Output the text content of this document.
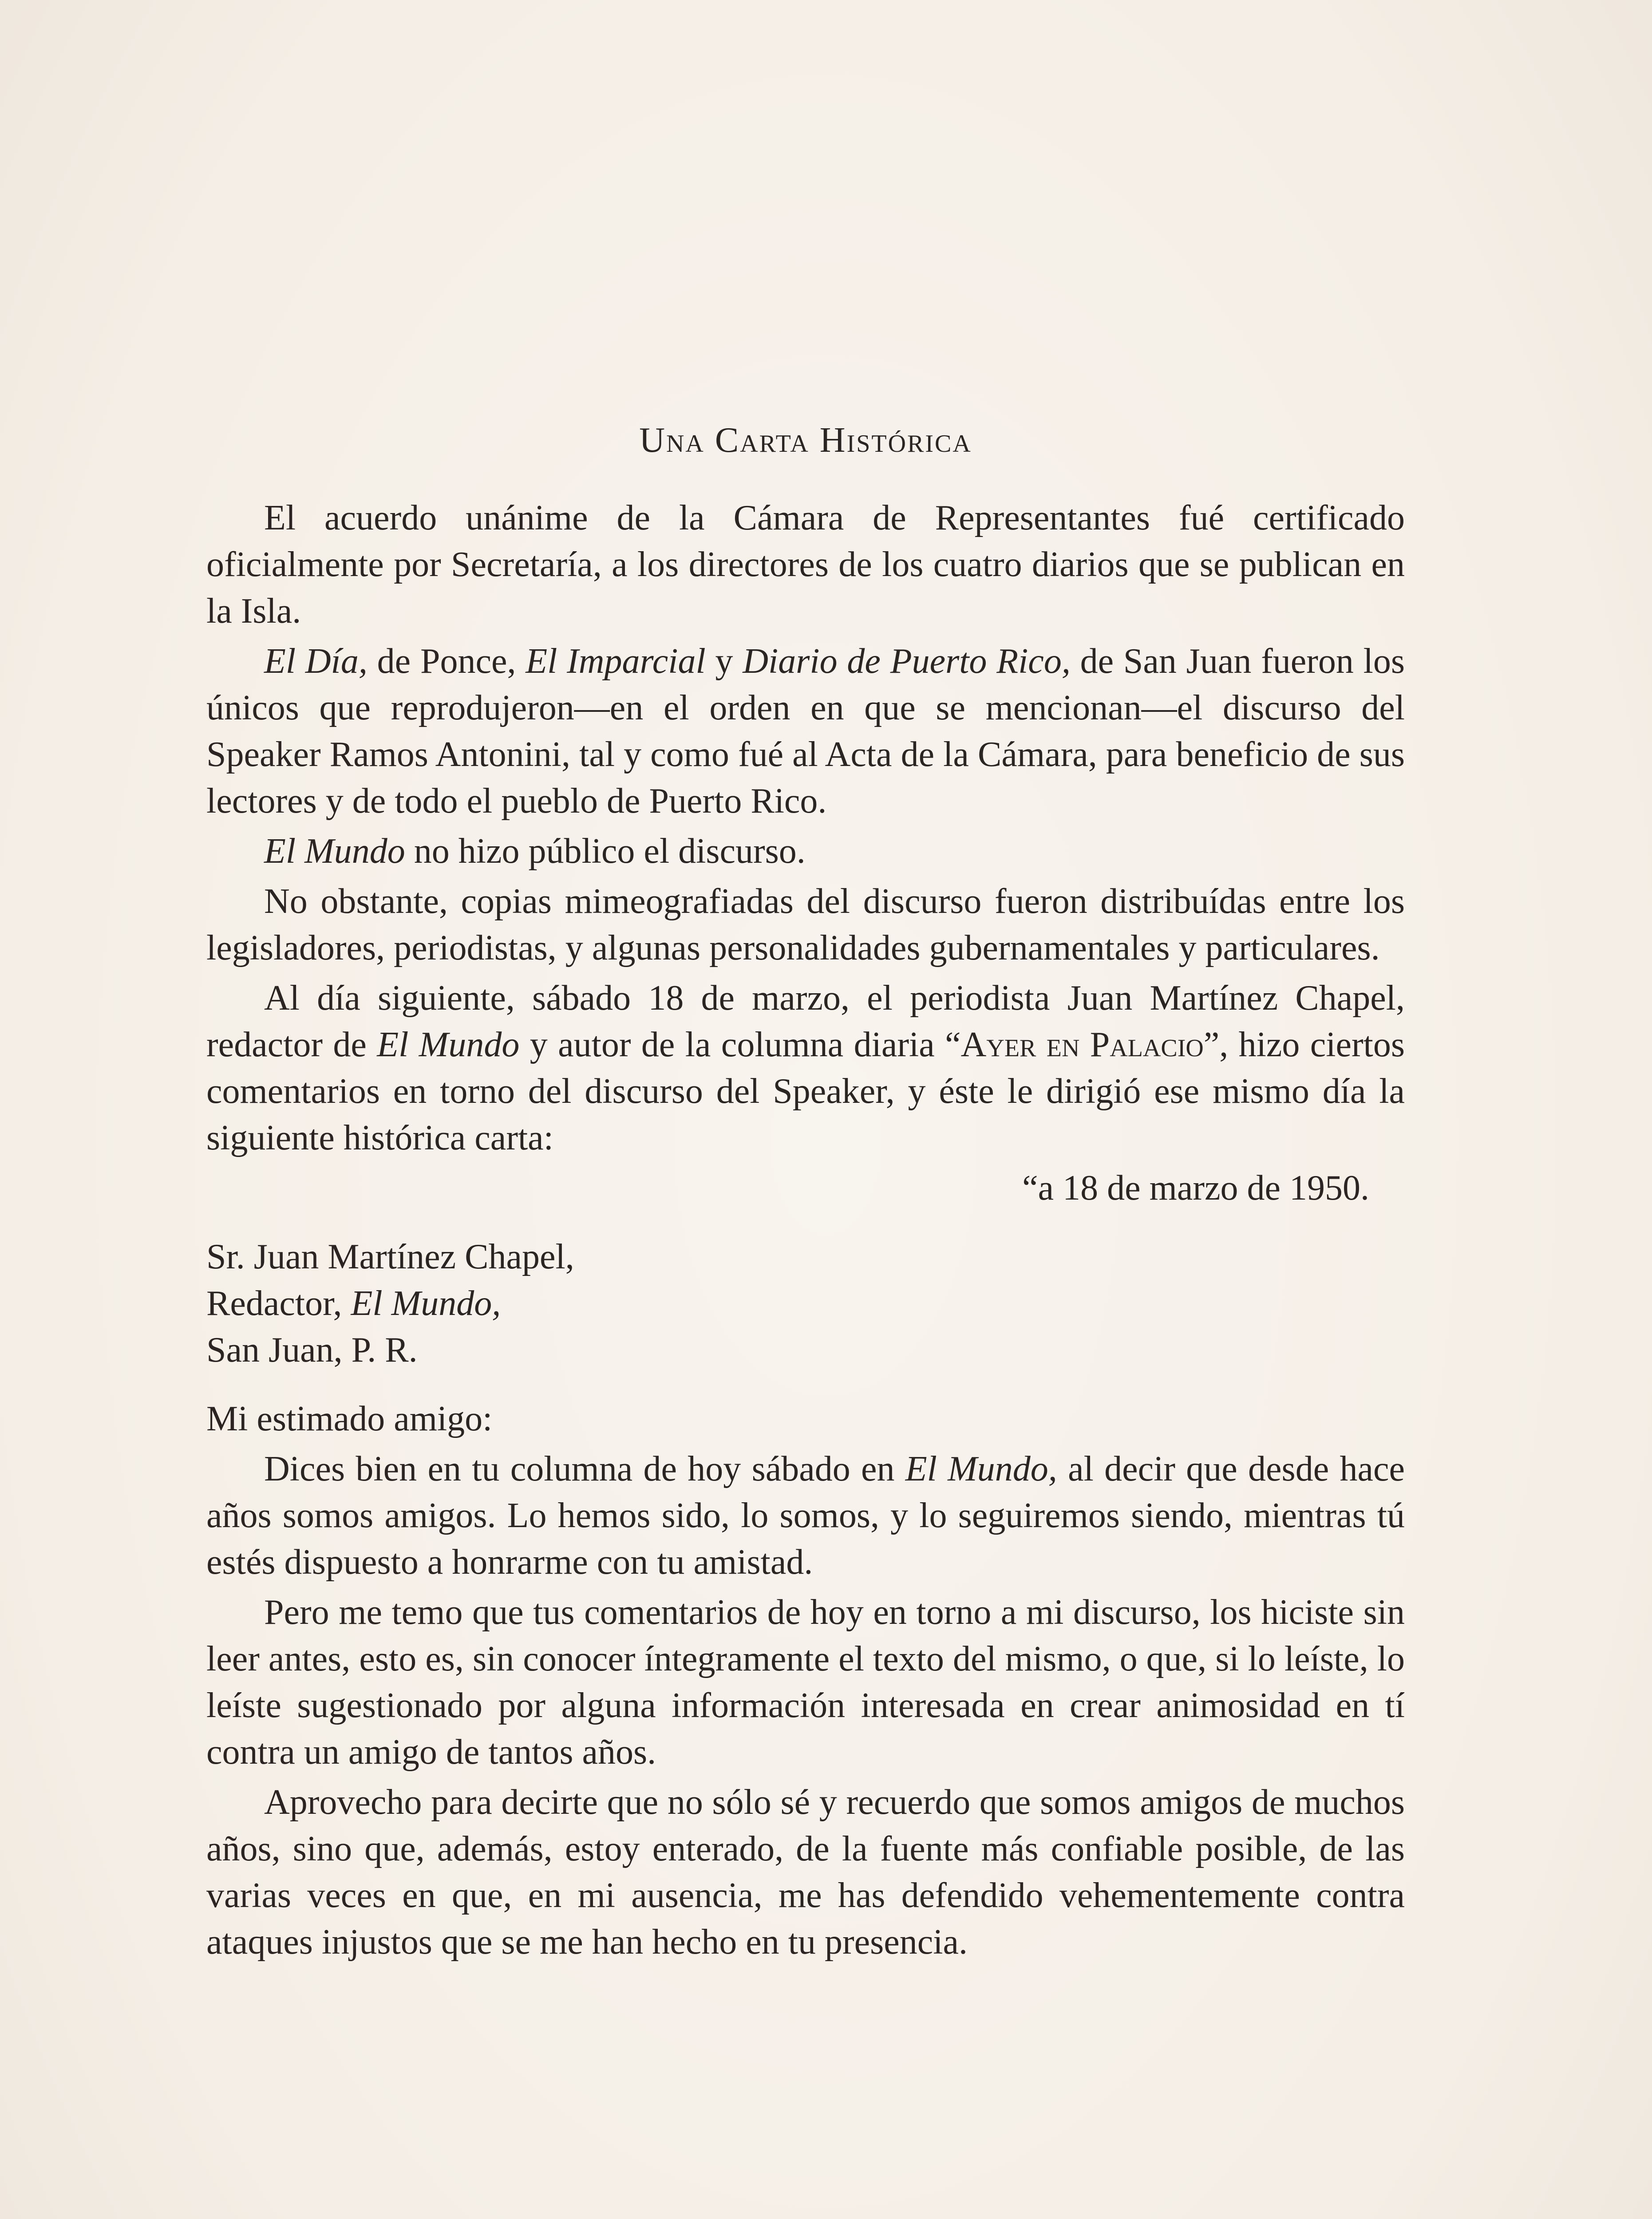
Una Carta Histórica

El acuerdo unánime de la Cámara de Representantes fué certificado oficialmente por Secretaría, a los directores de los cuatro diarios que se publican en la Isla.

El Día, de Ponce, El Imparcial y Diario de Puerto Rico, de San Juan fueron los únicos que reprodujeron—en el orden en que se mencionan—el discurso del Speaker Ramos Antonini, tal y como fué al Acta de la Cámara, para beneficio de sus lectores y de todo el pueblo de Puerto Rico.

El Mundo no hizo público el discurso.

No obstante, copias mimeografiadas del discurso fueron distribuídas entre los legisladores, periodistas, y algunas personalidades gubernamentales y particulares.

Al día siguiente, sábado 18 de marzo, el periodista Juan Martínez Chapel, redactor de El Mundo y autor de la columna diaria “Ayer en Palacio”, hizo ciertos comentarios en torno del discurso del Speaker, y éste le dirigió ese mismo día la siguiente histórica carta:

“a 18 de marzo de 1950.

Sr. Juan Martínez Chapel,
Redactor, El Mundo,
San Juan, P. R.

Mi estimado amigo:

Dices bien en tu columna de hoy sábado en El Mundo, al decir que desde hace años somos amigos. Lo hemos sido, lo somos, y lo seguiremos siendo, mientras tú estés dispuesto a honrarme con tu amistad.

Pero me temo que tus comentarios de hoy en torno a mi discurso, los hiciste sin leer antes, esto es, sin conocer íntegramente el texto del mismo, o que, si lo leíste, lo leíste sugestionado por alguna información interesada en crear animosidad en tí contra un amigo de tantos años.

Aprovecho para decirte que no sólo sé y recuerdo que somos amigos de muchos años, sino que, además, estoy enterado, de la fuente más confiable posible, de las varias veces en que, en mi ausencia, me has defendido vehementemente contra ataques injustos que se me han hecho en tu presencia.
